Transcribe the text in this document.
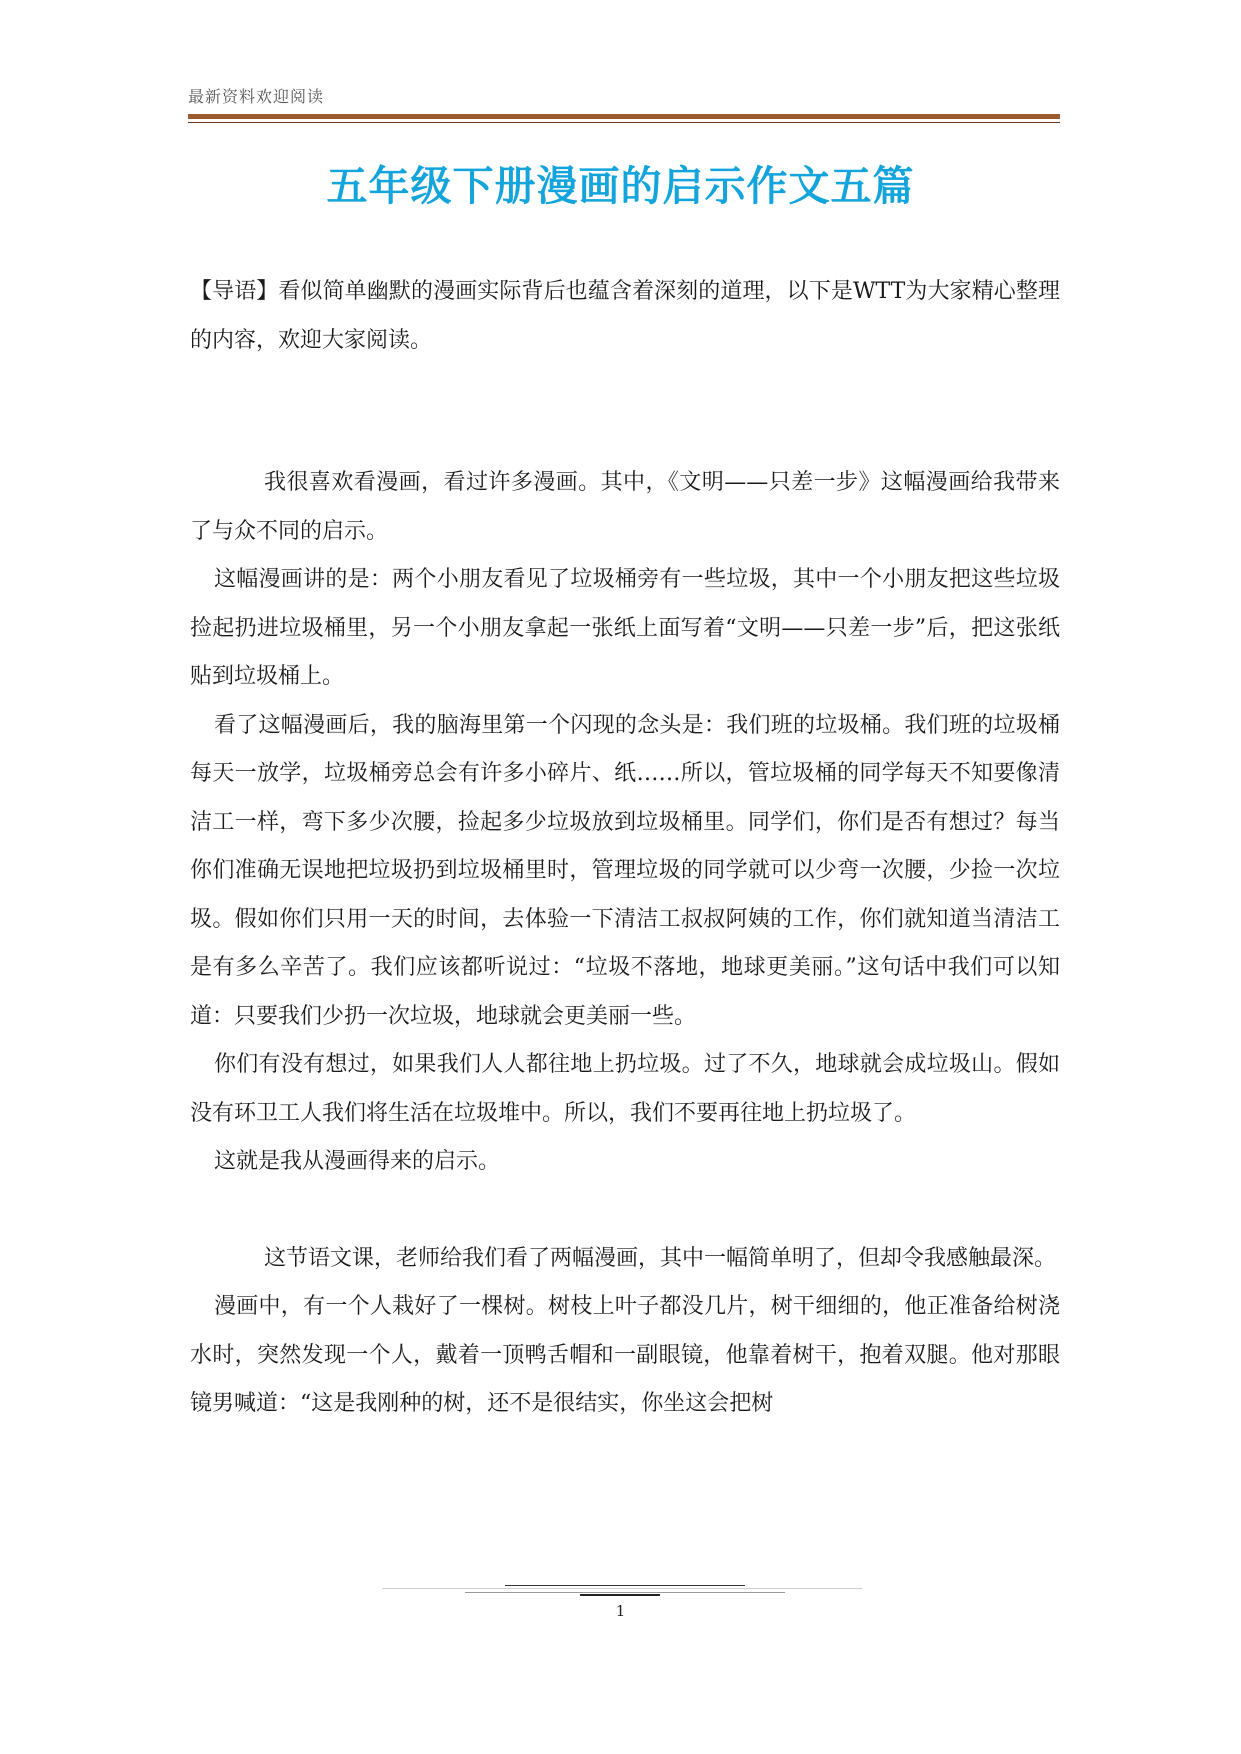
最新资料欢迎阅读
五年级下册漫画的启示作文五篇

【导语】看似简单幽默的漫画实际背后也蕴含着深刻的道理，以下是WTT为大家精心整理的内容，欢迎大家阅读。

我很喜欢看漫画，看过许多漫画。其中，《文明——只差一步》这幅漫画给我带来了与众不同的启示。

这幅漫画讲的是：两个小朋友看见了垃圾桶旁有一些垃圾，其中一个小朋友把这些垃圾捡起扔进垃圾桶里，另一个小朋友拿起一张纸上面写着“文明——只差一步”后，把这张纸贴到垃圾桶上。

看了这幅漫画后，我的脑海里第一个闪现的念头是：我们班的垃圾桶。我们班的垃圾桶每天一放学，垃圾桶旁总会有许多小碎片、纸……所以，管垃圾桶的同学每天不知要像清洁工一样，弯下多少次腰，捡起多少垃圾放到垃圾桶里。同学们，你们是否有想过？每当你们准确无误地把垃圾扔到垃圾桶里时，管理垃圾的同学就可以少弯一次腰，少捡一次垃圾。假如你们只用一天的时间，去体验一下清洁工叔叔阿姨的工作，你们就知道当清洁工是有多么辛苦了。我们应该都听说过：“垃圾不落地，地球更美丽。”这句话中我们可以知道：只要我们少扔一次垃圾，地球就会更美丽一些。

你们有没有想过，如果我们人人都往地上扔垃圾。过了不久，地球就会成垃圾山。假如没有环卫工人我们将生活在垃圾堆中。所以，我们不要再往地上扔垃圾了。

这就是我从漫画得来的启示。

这节语文课，老师给我们看了两幅漫画，其中一幅简单明了，但却令我感触最深。

漫画中，有一个人栽好了一棵树。树枝上叶子都没几片，树干细细的，他正准备给树浇水时，突然发现一个人，戴着一顶鸭舌帽和一副眼镜，他靠着树干，抱着双腿。他对那眼镜男喊道：“这是我刚种的树，还不是很结实，你坐这会把树

1
